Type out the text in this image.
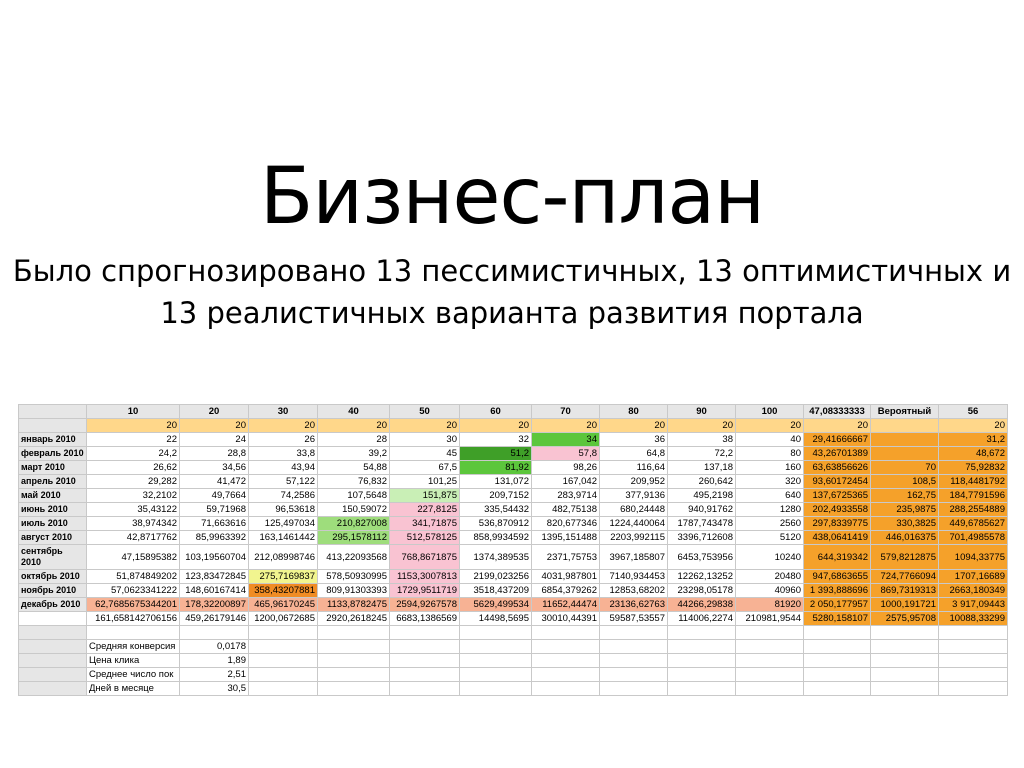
Бизнес-план
Было спрогнозировано 13 пессимистичных, 13 оптимистичных и 13 реалистичных варианта развития портала
	10	20	30	40	50	60	70	80	90	100	47,08333333	Вероятный	56
	20	20	20	20	20	20	20	20	20	20	20		20
январь 2010	22	24	26	28	30	32	34	36	38	40	29,41666667		31,2
февраль 2010	24,2	28,8	33,8	39,2	45	51,2	57,8	64,8	72,2	80	43,26701389		48,672
март 2010	26,62	34,56	43,94	54,88	67,5	81,92	98,26	116,64	137,18	160	63,63856626	70	75,92832
апрель 2010	29,282	41,472	57,122	76,832	101,25	131,072	167,042	209,952	260,642	320	93,60172454	108,5	118,4481792
май 2010	32,2102	49,7664	74,2586	107,5648	151,875	209,7152	283,9714	377,9136	495,2198	640	137,6725365	162,75	184,7791596
июнь 2010	35,43122	59,71968	96,53618	150,59072	227,8125	335,54432	482,75138	680,24448	940,91762	1280	202,4933558	235,9875	288,2554889
июль 2010	38,974342	71,663616	125,497034	210,827008	341,71875	536,870912	820,677346	1224,440064	1787,743478	2560	297,8339775	330,3825	449,6785627
август 2010	42,8717762	85,9963392	163,1461442	295,1578112	512,578125	858,9934592	1395,151488	2203,992115	3396,712608	5120	438,0641419	446,016375	701,4985578
сентябрь 2010	47,15895382	103,19560704	212,08998746	413,22093568	768,8671875	1374,389535	2371,75753	3967,185807	6453,753956	10240	644,319342	579,8212875	1094,33775
октябрь 2010	51,874849202	123,83472845	275,7169837	578,50930995	1153,3007813	2199,023256	4031,987801	7140,934453	12262,13252	20480	947,6863655	724,7766094	1707,16689
ноябрь 2010	57,0623341222	148,60167414	358,43207881	809,91303393	1729,9511719	3518,437209	6854,379262	12853,68202	23298,05178	40960	1 393,888696	869,7319313	2663,180349
декабрь 2010	62,7685675344201	178,32200897	465,96170245	1133,8782475	2594,9267578	5629,499534	11652,44474	23136,62763	44266,29838	81920	2 050,177957	1000,191721	3 917,09443
	161,658142706156	459,26179146	1200,0672685	2920,2618245	6683,1386569	14498,5695	30010,44391	59587,53557	114006,2274	210981,9544	5280,158107	2575,95708	10088,33299

	Средняя конверсия	0,0178											
	Цена клика	1,89											
	Среднее число пок	2,51											
	Дней в месяце	30,5											
